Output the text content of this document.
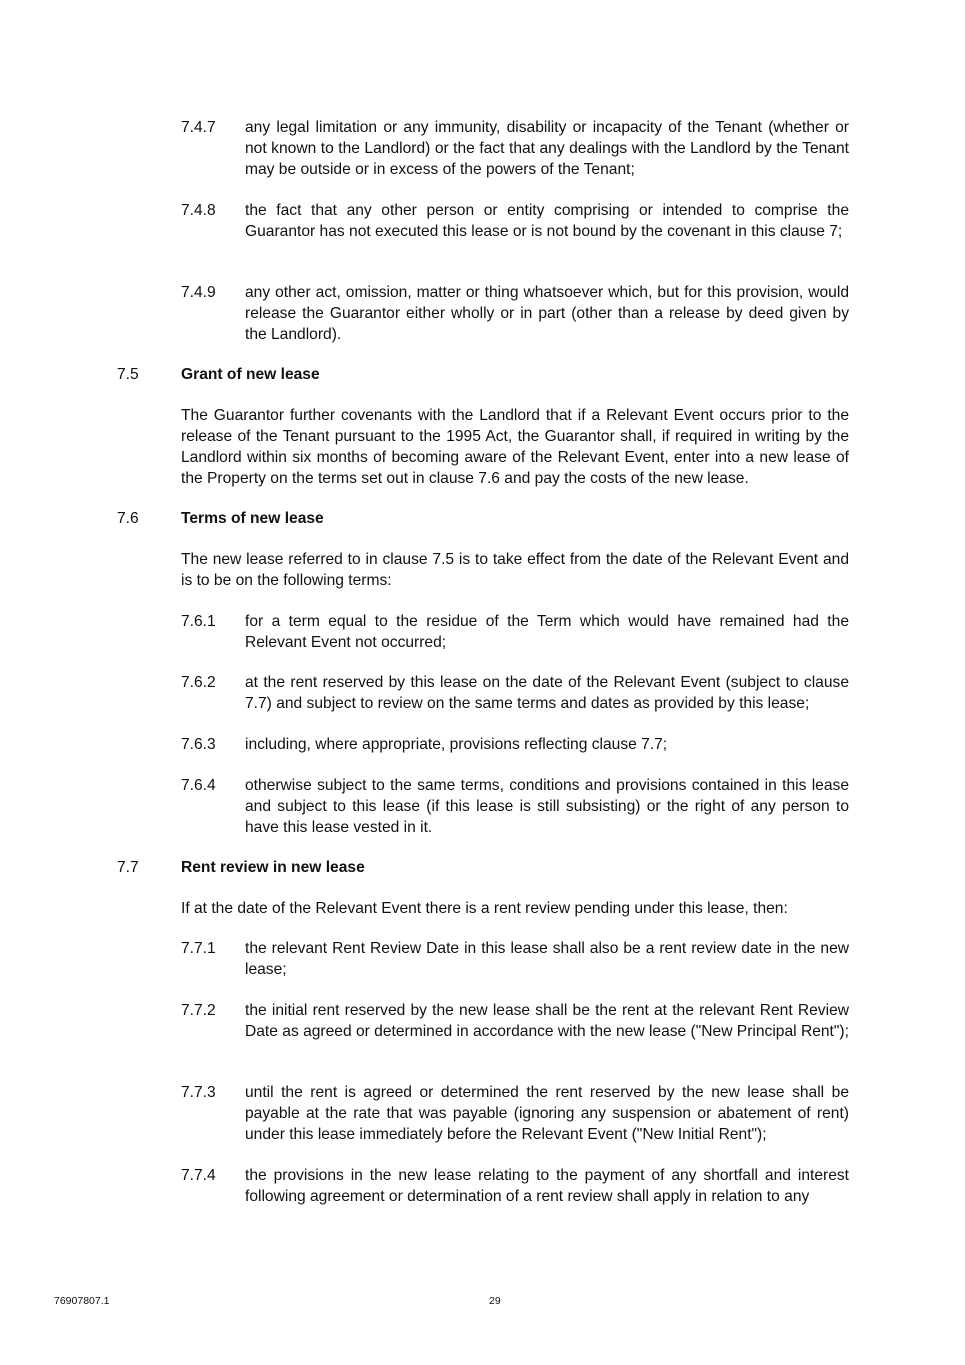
7.4.7	any legal limitation or any immunity, disability or incapacity of the Tenant (whether or not known to the Landlord) or the fact that any dealings with the Landlord by the Tenant may be outside or in excess of the powers of the Tenant;
7.4.8	the fact that any other person or entity comprising or intended to comprise the Guarantor has not executed this lease or is not bound by the covenant in this clause 7;
7.4.9	any other act, omission, matter or thing whatsoever which, but for this provision, would release the Guarantor either wholly or in part (other than a release by deed given by the Landlord).
7.5	Grant of new lease
The Guarantor further covenants with the Landlord that if a Relevant Event occurs prior to the release of the Tenant pursuant to the 1995 Act, the Guarantor shall, if required in writing by the Landlord within six months of becoming aware of the Relevant Event, enter into a new lease of the Property on the terms set out in clause 7.6 and pay the costs of the new lease.
7.6	Terms of new lease
The new lease referred to in clause 7.5 is to take effect from the date of the Relevant Event and is to be on the following terms:
7.6.1	for a term equal to the residue of the Term which would have remained had the Relevant Event not occurred;
7.6.2	at the rent reserved by this lease on the date of the Relevant Event (subject to clause 7.7) and subject to review on the same terms and dates as provided by this lease;
7.6.3	including, where appropriate, provisions reflecting clause 7.7;
7.6.4	otherwise subject to the same terms, conditions and provisions contained in this lease and subject to this lease (if this lease is still subsisting) or the right of any person to have this lease vested in it.
7.7	Rent review in new lease
If at the date of the Relevant Event there is a rent review pending under this lease, then:
7.7.1	the relevant Rent Review Date in this lease shall also be a rent review date in the new lease;
7.7.2	the initial rent reserved by the new lease shall be the rent at the relevant Rent Review Date as agreed or determined in accordance with the new lease ("New Principal Rent");
7.7.3	until the rent is agreed or determined the rent reserved by the new lease shall be payable at the rate that was payable (ignoring any suspension or abatement of rent) under this lease immediately before the Relevant Event ("New Initial Rent");
7.7.4	the provisions in the new lease relating to the payment of any shortfall and interest following agreement or determination of a rent review shall apply in relation to any
76907807.1	29
